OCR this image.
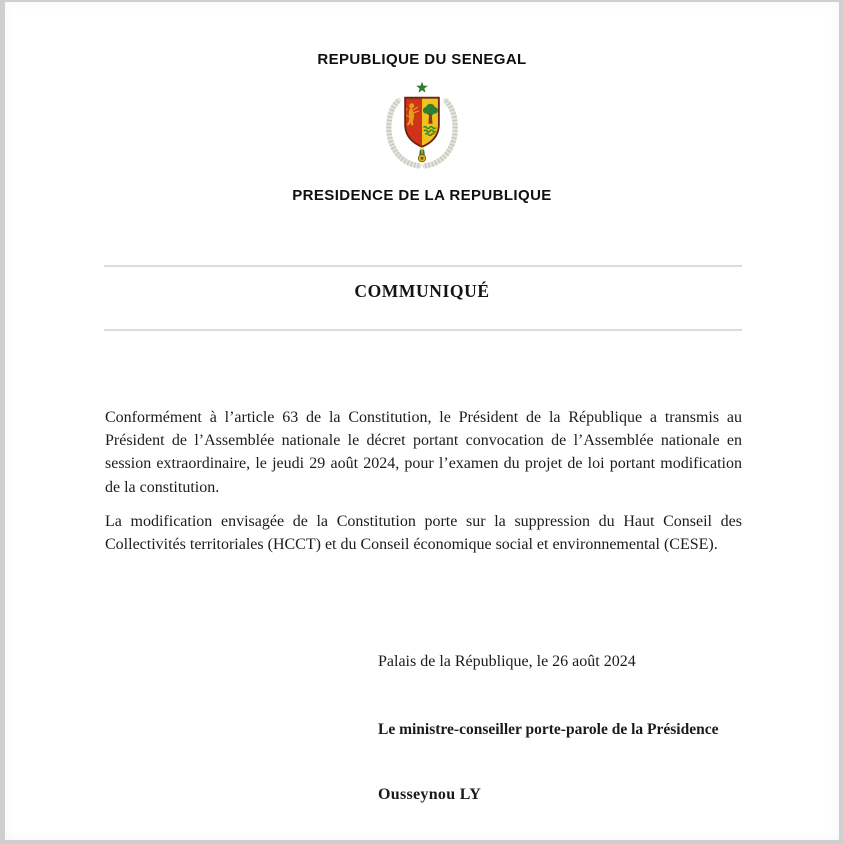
REPUBLIQUE DU SENEGAL
PRESIDENCE DE LA REPUBLIQUE
COMMUNIQUÉ

Conformément à l’article 63 de la Constitution, le Président de la République a transmis au Président de l’Assemblée nationale le décret portant convocation de l’Assemblée nationale en session extraordinaire, le jeudi 29 août 2024, pour l’examen du projet de loi portant modification de la constitution.

La modification envisagée de la Constitution porte sur la suppression du Haut Conseil des Collectivités territoriales (HCCT) et du Conseil économique social et environnemental (CESE).

Palais de la République, le 26 août 2024

Le ministre-conseiller porte-parole de la Présidence

Ousseynou LY
